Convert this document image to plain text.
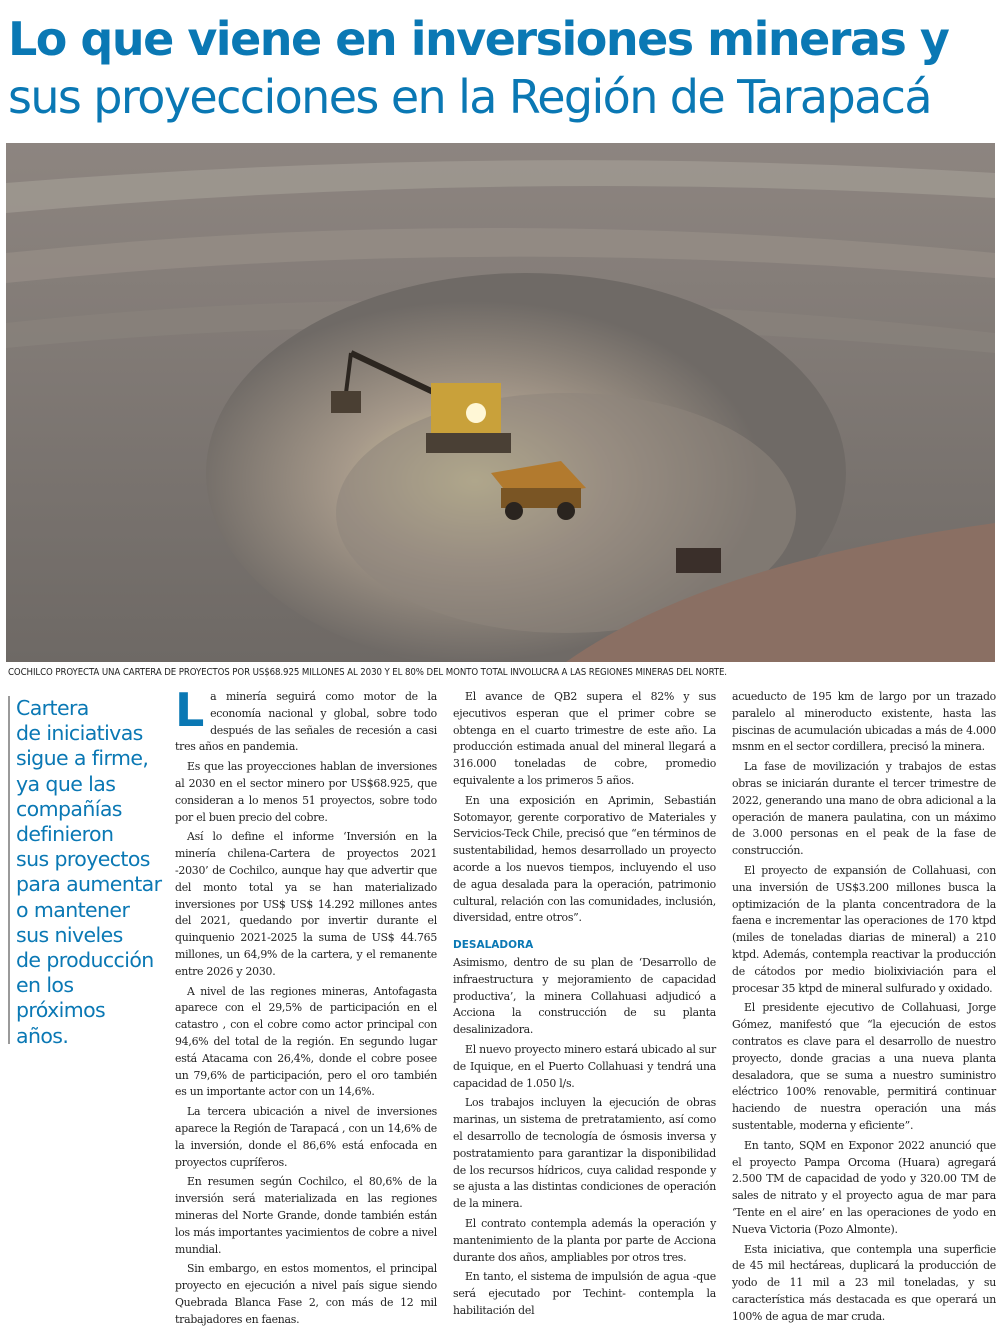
Lo que viene en inversiones mineras y
sus proyecciones en la Región de Tarapacá
COCHILCO PROYECTA UNA CARTERA DE PROYECTOS POR US$68.925 MILLONES AL 2030 Y EL 80% DEL MONTO TOTAL INVOLUCRA A LAS REGIONES MINERAS DEL NORTE.
Cartera
de iniciativas
sigue a firme,
ya que las
compañías
definieron
sus proyectos
para aumentar
o mantener
sus niveles
de producción
en los
próximos
años.

La minería seguirá como motor de la economía nacional y global, sobre todo después de las señales de recesión a casi tres años en pandemia.

Es que las proyecciones hablan de inversiones al 2030 en el sector minero por US$68.925, que consideran a lo menos 51 proyectos, sobre todo por el buen precio del cobre.

Así lo define el informe ‘Inversión en la minería chilena-Cartera de proyectos 2021 -2030’ de Cochilco, aunque hay que advertir que del monto total ya se han materializado inversiones por US$ US$ 14.292 millones antes del 2021, quedando por invertir durante el quinquenio 2021-2025 la suma de US$ 44.765 millones, un 64,9% de la cartera, y el remanente entre 2026 y 2030.

A nivel de las regiones mineras, Antofagasta aparece con el 29,5% de participación en el catastro , con el cobre como actor principal con 94,6% del total de la región. En segundo lugar está Atacama con 26,4%, donde el cobre posee un 79,6% de participación, pero el oro también es un importante actor con un 14,6%.

La tercera ubicación a nivel de inversiones aparece la Región de Tarapacá , con un 14,6% de la inversión, donde el 86,6% está enfocada en proyectos cupríferos.

En resumen según Cochilco, el 80,6% de la inversión será materializada en las regiones mineras del Norte Grande, donde también están los más importantes yacimientos de cobre a nivel mundial.

Sin embargo, en estos momentos, el principal proyecto en ejecución a nivel país sigue siendo Quebrada Blanca Fase 2, con más de 12 mil trabajadores en faenas.

El avance de QB2 supera el 82% y sus ejecutivos esperan que el primer cobre se obtenga en el cuarto trimestre de este año. La producción estimada anual del mineral llegará a 316.000 toneladas de cobre, promedio equivalente a los primeros 5 años.

En una exposición en Aprimin, Sebastián Sotomayor, gerente corporativo de Materiales y Servicios-Teck Chile, precisó que “en términos de sustentabilidad, hemos desarrollado un proyecto acorde a los nuevos tiempos, incluyendo el uso de agua desalada para la operación, patrimonio cultural, relación con las comunidades, inclusión, diversidad, entre otros”.

DESALADORA

Asimismo, dentro de su plan de ‘Desarrollo de infraestructura y mejoramiento de capacidad productiva’, la minera Collahuasi adjudicó a Acciona la construcción de su planta desalinizadora.

El nuevo proyecto minero estará ubicado al sur de Iquique, en el Puerto Collahuasi y tendrá una capacidad de 1.050 l/s.

Los trabajos incluyen la ejecución de obras marinas, un sistema de pretratamiento, así como el desarrollo de tecnología de ósmosis inversa y postratamiento para garantizar la disponibilidad de los recursos hídricos, cuya calidad responde y se ajusta a las distintas condiciones de operación de la minera.

El contrato contempla además la operación y mantenimiento de la planta por parte de Acciona durante dos años, ampliables por otros tres.

En tanto, el sistema de impulsión de agua -que será ejecutado por Techint- contempla la habilitación del

acueducto de 195 km de largo por un trazado paralelo al mineroducto existente, hasta las piscinas de acumulación ubicadas a más de 4.000 msnm en el sector cordillera, precisó la minera.

La fase de movilización y trabajos de estas obras se iniciarán durante el tercer trimestre de 2022, generando una mano de obra adicional a la operación de manera paulatina, con un máximo de 3.000 personas en el peak de la fase de construcción.

El proyecto de expansión de Collahuasi, con una inversión de US$3.200 millones busca la optimización de la planta concentradora de la faena e incrementar las operaciones de 170 ktpd (miles de toneladas diarias de mineral) a 210 ktpd. Además, contempla reactivar la producción de cátodos por medio biolixiviación para el procesar 35 ktpd de mineral sulfurado y oxidado.

El presidente ejecutivo de Collahuasi, Jorge Gómez, manifestó que “la ejecución de estos contratos es clave para el desarrollo de nuestro proyecto, donde gracias a una nueva planta desaladora, que se suma a nuestro suministro eléctrico 100% renovable, permitirá continuar haciendo de nuestra operación una más sustentable, moderna y eficiente”.

En tanto, SQM en Exponor 2022 anunció que el proyecto Pampa Orcoma (Huara) agregará 2.500 TM de capacidad de yodo y 320.00 TM de sales de nitrato y el proyecto agua de mar para ‘Tente en el aire’ en las operaciones de yodo en Nueva Victoria (Pozo Almonte).

Esta iniciativa, que contempla una superficie de 45 mil hectáreas, duplicará la producción de yodo de 11 mil a 23 mil toneladas, y su característica más destacada es que operará un 100% de agua de mar cruda.
